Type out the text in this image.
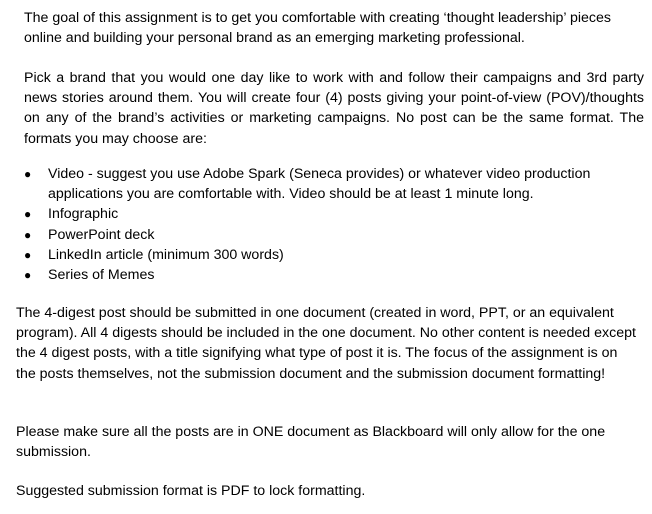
The goal of this assignment is to get you comfortable with creating ‘thought leadership’ pieces online and building your personal brand as an emerging marketing professional.

Pick a brand that you would one day like to work with and follow their campaigns and 3rd party news stories around them. You will create four (4) posts giving your point-of-view (POV)/thoughts on any of the brand’s activities or marketing campaigns. No post can be the same format. The formats you may choose are:

● Video - suggest you use Adobe Spark (Seneca provides) or whatever video production applications you are comfortable with. Video should be at least 1 minute long.
● Infographic
● PowerPoint deck
● LinkedIn article (minimum 300 words)
● Series of Memes

The 4-digest post should be submitted in one document (created in word, PPT, or an equivalent program). All 4 digests should be included in the one document. No other content is needed except the 4 digest posts, with a title signifying what type of post it is. The focus of the assignment is on the posts themselves, not the submission document and the submission document formatting!

Please make sure all the posts are in ONE document as Blackboard will only allow for the one submission.

Suggested submission format is PDF to lock formatting.
